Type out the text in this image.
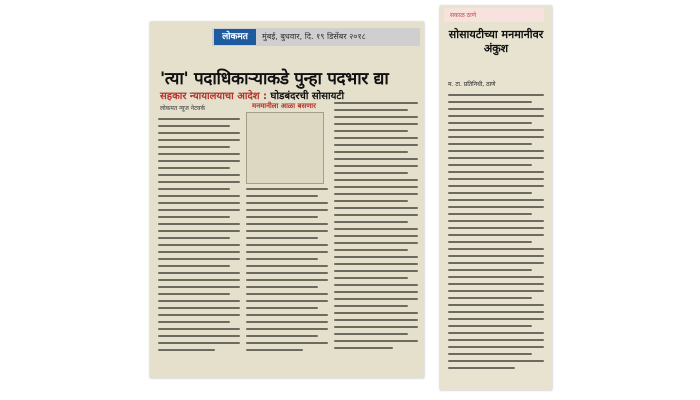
लोकमत	मुंबई, बुधवार, दि. १९ डिसेंबर २०१८
'त्या' पदाधिकाऱ्याकडे पुन्हा पदभार द्या
सहकार न्यायालयाचा आदेश : घोडबंदरची सोसायटी
लोकमत न्यूज नेटवर्क	मनमानीला आळा बसणार
सकाळ ठाणे
सोसायटीच्या मनमानीवर अंकुश
म. टा. प्रतिनिधी, ठाणे
